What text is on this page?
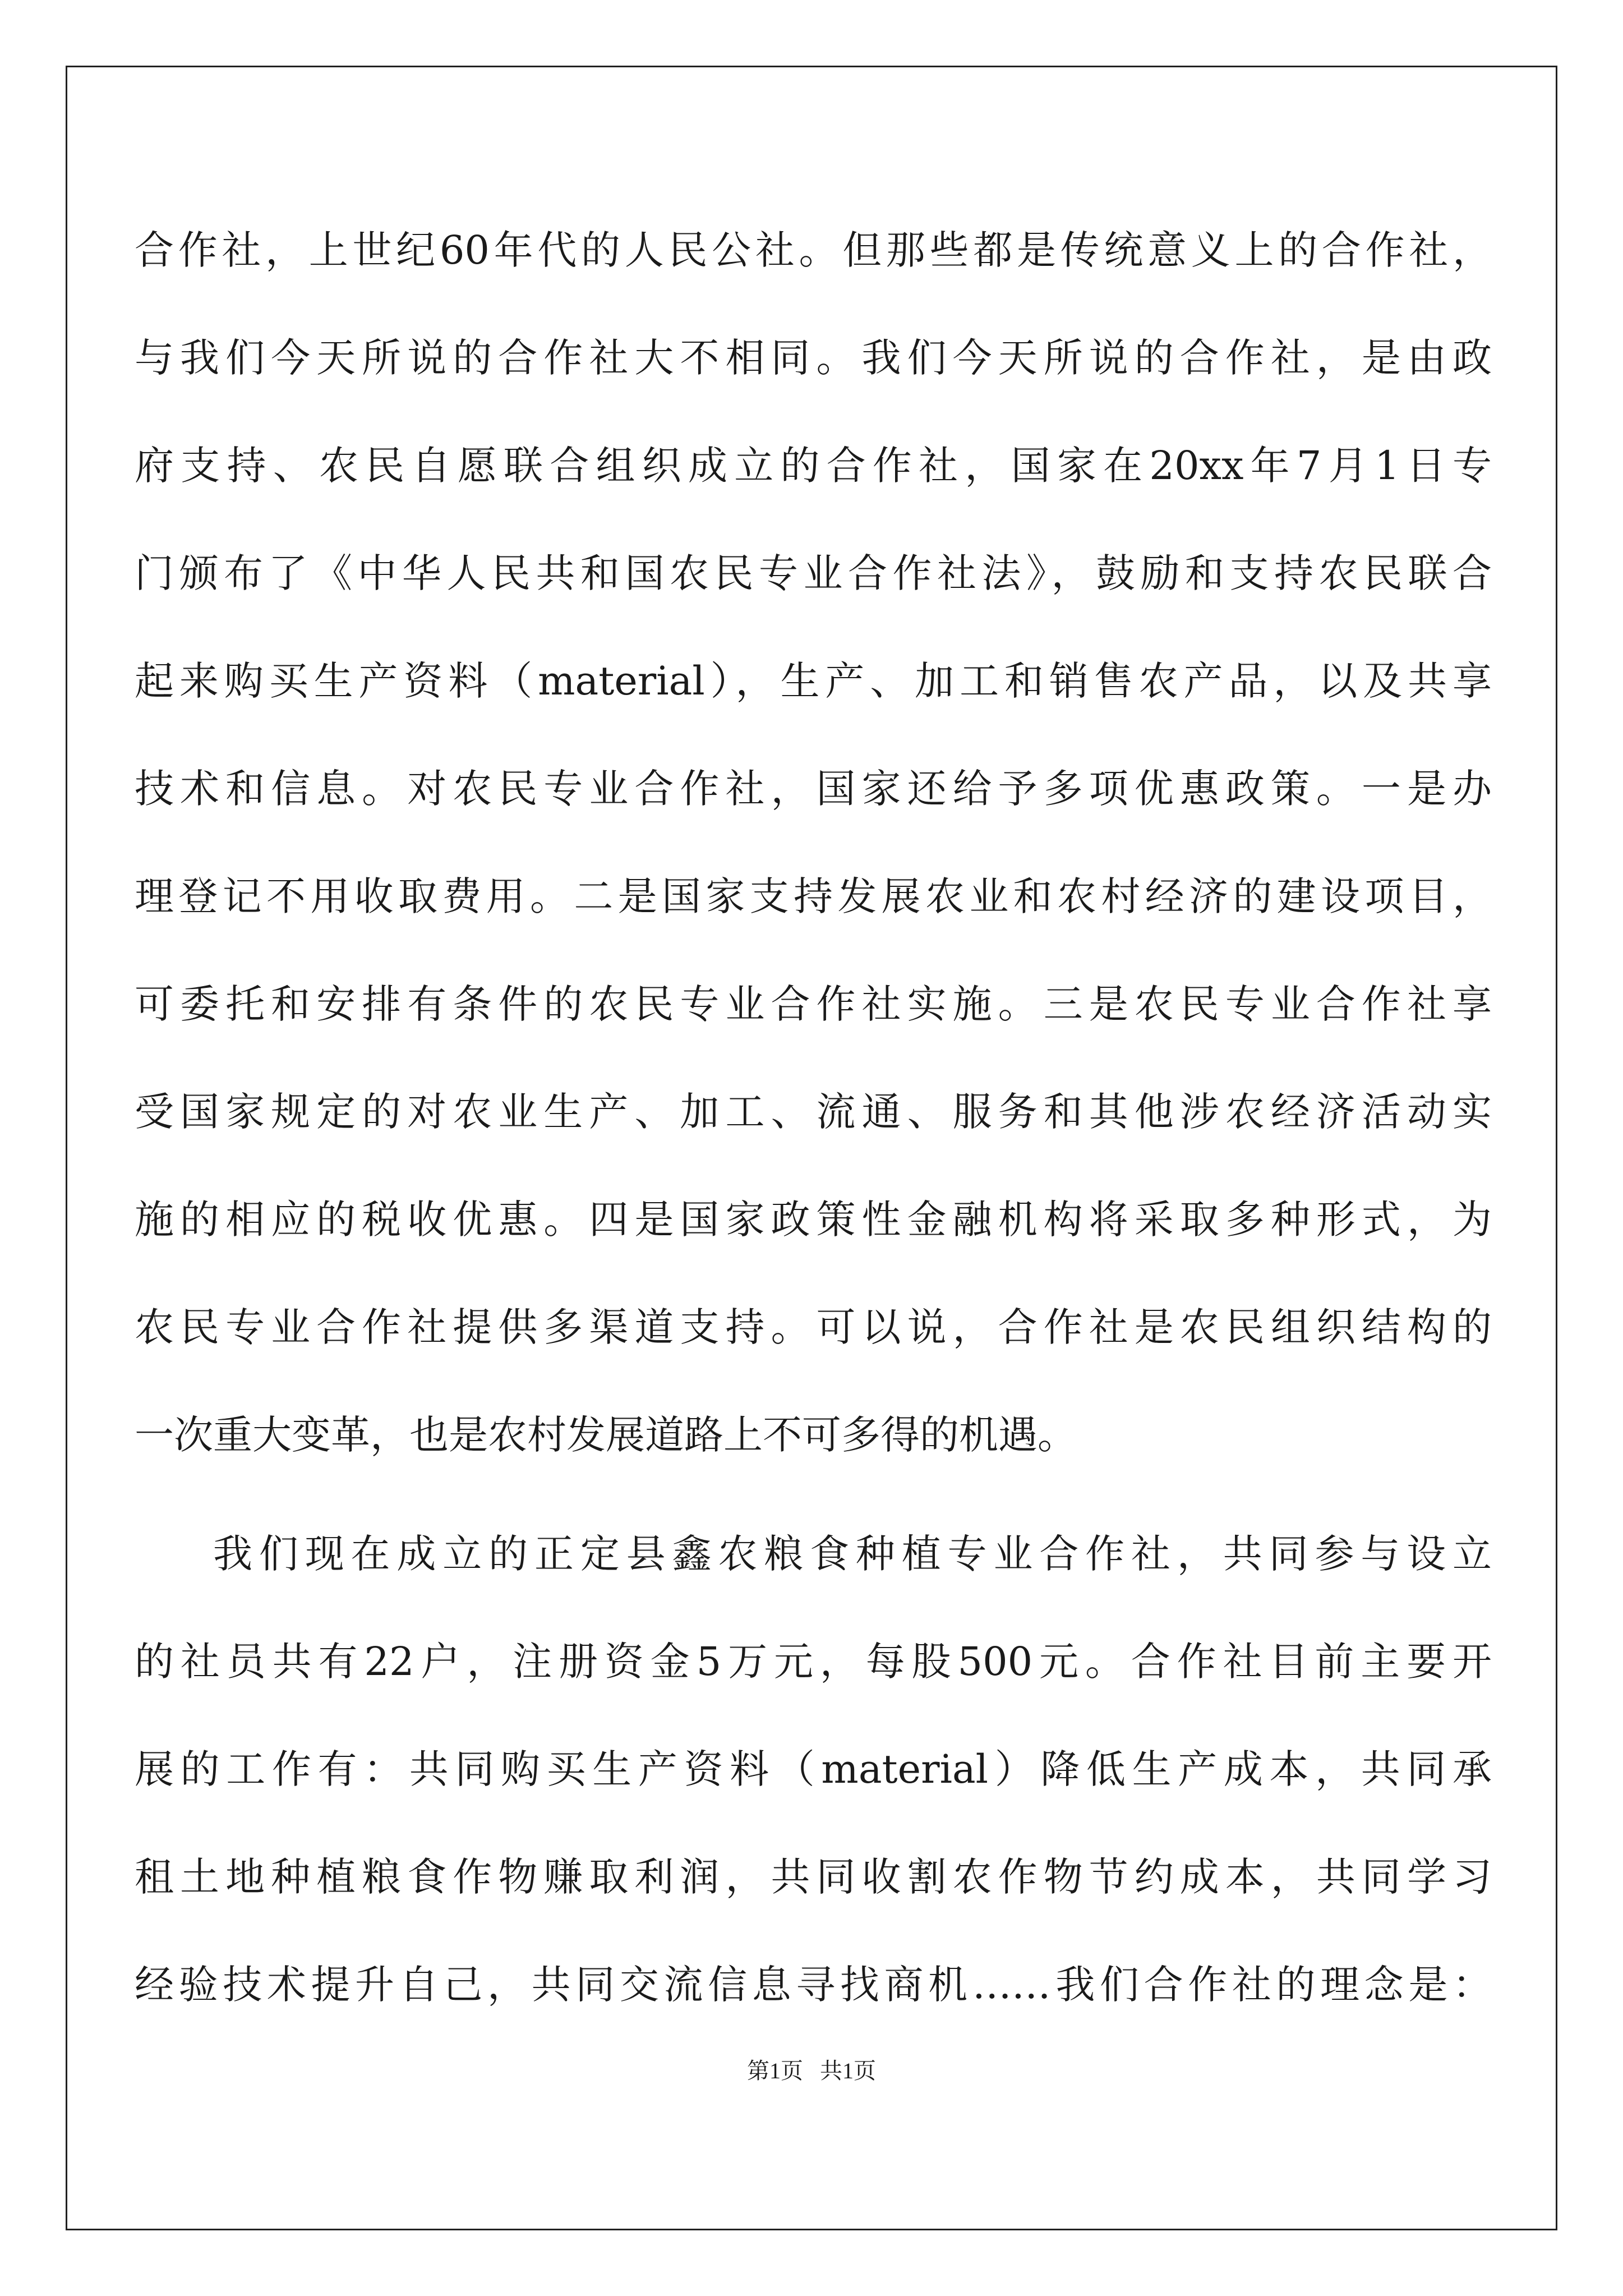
合作社，上世纪60年代的人民公社。但那些都是传统意义上的合作社，
与我们今天所说的合作社大不相同。我们今天所说的合作社，是由政
府支持、农民自愿联合组织成立的合作社，国家在20xx年7月1日专
门颁布了《中华人民共和国农民专业合作社法》，鼓励和支持农民联合
起来购买生产资料（material），生产、加工和销售农产品，以及共享
技术和信息。对农民专业合作社，国家还给予多项优惠政策。一是办
理登记不用收取费用。二是国家支持发展农业和农村经济的建设项目，
可委托和安排有条件的农民专业合作社实施。三是农民专业合作社享
受国家规定的对农业生产、加工、流通、服务和其他涉农经济活动实
施的相应的税收优惠。四是国家政策性金融机构将采取多种形式，为
农民专业合作社提供多渠道支持。可以说，合作社是农民组织结构的
一次重大变革，也是农村发展道路上不可多得的机遇。
我们现在成立的正定县鑫农粮食种植专业合作社，共同参与设立
的社员共有22户，注册资金5万元，每股500元。合作社目前主要开
展的工作有：共同购买生产资料（material）降低生产成本，共同承
租土地种植粮食作物赚取利润，共同收割农作物节约成本，共同学习
经验技术提升自己，共同交流信息寻找商机……我们合作社的理念是：
第1页 共1页
